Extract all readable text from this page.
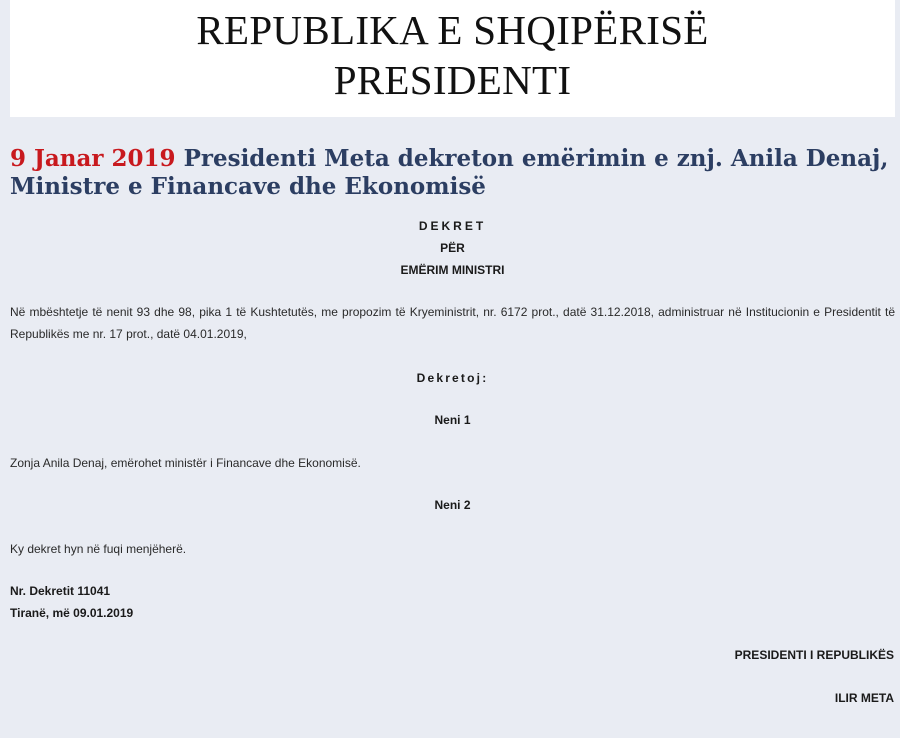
REPUBLIKA E SHQIPËRISË
PRESIDENTI
9 Janar 2019 Presidenti Meta dekreton emërimin e znj. Anila Denaj, Ministre e Financave dhe Ekonomisë
DEKRET
PËR
EMËRIM MINISTRI
Në mbështetje të nenit 93 dhe 98, pika 1 të Kushtetutës, me propozim të Kryeministrit, nr. 6172 prot., datë 31.12.2018, administruar në Institucionin e Presidentit të Republikës me nr. 17 prot., datë 04.01.2019,
Dekretoj:
Neni 1
Zonja Anila Denaj, emërohet ministër i Financave dhe Ekonomisë.
Neni 2
Ky dekret hyn në fuqi menjëherë.
Nr. Dekretit 11041
Tiranë, më 09.01.2019
PRESIDENTI I REPUBLIKËS
ILIR META
